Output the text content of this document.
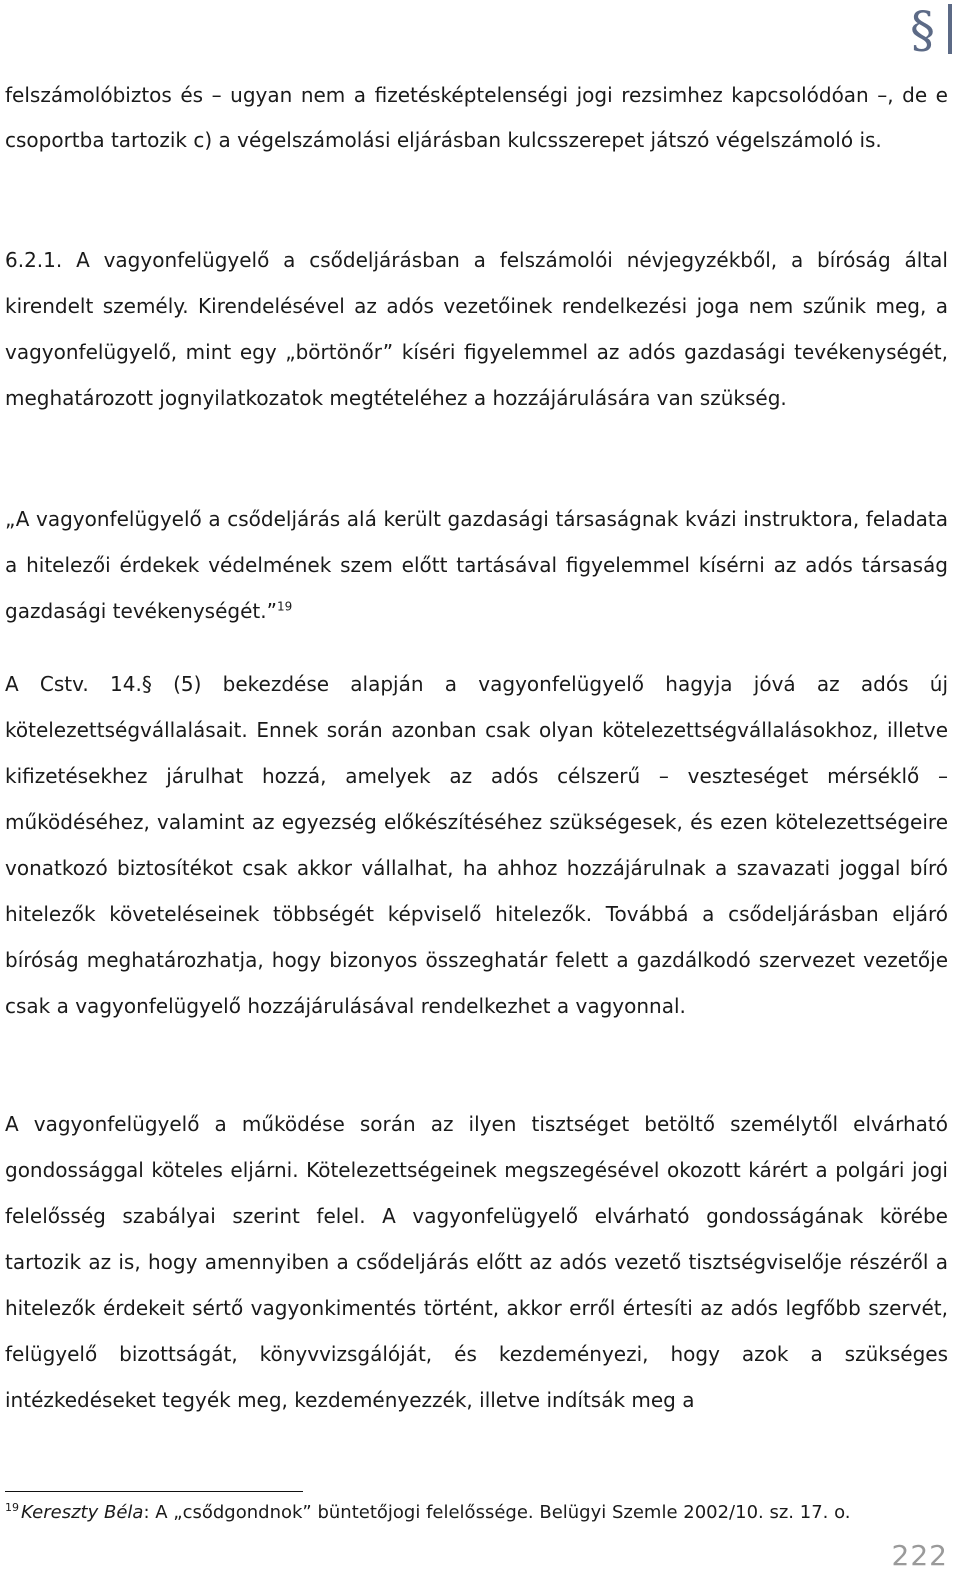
§

felszámolóbiztos és – ugyan nem a fizetésképtelenségi jogi rezsimhez kapcsolódóan –, de e csoportba tartozik c) a végelszámolási eljárásban kulcsszerepet játszó végelszámoló is.

6.2.1. A vagyonfelügyelő a csődeljárásban a felszámolói névjegyzékből, a bíróság által kirendelt személy. Kirendelésével az adós vezetőinek rendelkezési joga nem szűnik meg, a vagyonfelügyelő, mint egy „börtönőr” kíséri figyelemmel az adós gazdasági tevékenységét, meghatározott jognyilatkozatok megtételéhez a hozzájárulására van szükség.

„A vagyonfelügyelő a csődeljárás alá került gazdasági társaságnak kvázi instruktora, feladata a hitelezői érdekek védelmének szem előtt tartásával figyelemmel kísérni az adós társaság gazdasági tevékenységét.”$^{19}$

A Cstv. 14.§ (5) bekezdése alapján a vagyonfelügyelő hagyja jóvá az adós új kötelezettségvállalásait. Ennek során azonban csak olyan kötelezettségvállalásokhoz, illetve kifizetésekhez járulhat hozzá, amelyek az adós célszerű – veszteséget mérséklő – működéséhez, valamint az egyezség előkészítéséhez szükségesek, és ezen kötelezettségeire vonatkozó biztosítékot csak akkor vállalhat, ha ahhoz hozzájárulnak a szavazati joggal bíró hitelezők követeléseinek többségét képviselő hitelezők. Továbbá a csődeljárásban eljáró bíróság meghatározhatja, hogy bizonyos összeghatár felett a gazdálkodó szervezet vezetője csak a vagyonfelügyelő hozzájárulásával rendelkezhet a vagyonnal.

A vagyonfelügyelő a működése során az ilyen tisztséget betöltő személytől elvárható gondossággal köteles eljárni. Kötelezettségeinek megszegésével okozott kárért a polgári jogi felelősség szabályai szerint felel. A vagyonfelügyelő elvárható gondosságának körébe tartozik az is, hogy amennyiben a csődeljárás előtt az adós vezető tisztségviselője részéről a hitelezők érdekeit sértő vagyonkimentés történt, akkor erről értesíti az adós legfőbb szervét, felügyelő bizottságát, könyvvizsgálóját, és kezdeményezi, hogy azok a szükséges intézkedéseket tegyék meg, kezdeményezzék, illetve indítsák meg a

$^{19}$ Kereszty Béla: A „csődgondnok” büntetőjogi felelőssége. Belügyi Szemle 2002/10. sz. 17. o.

222
